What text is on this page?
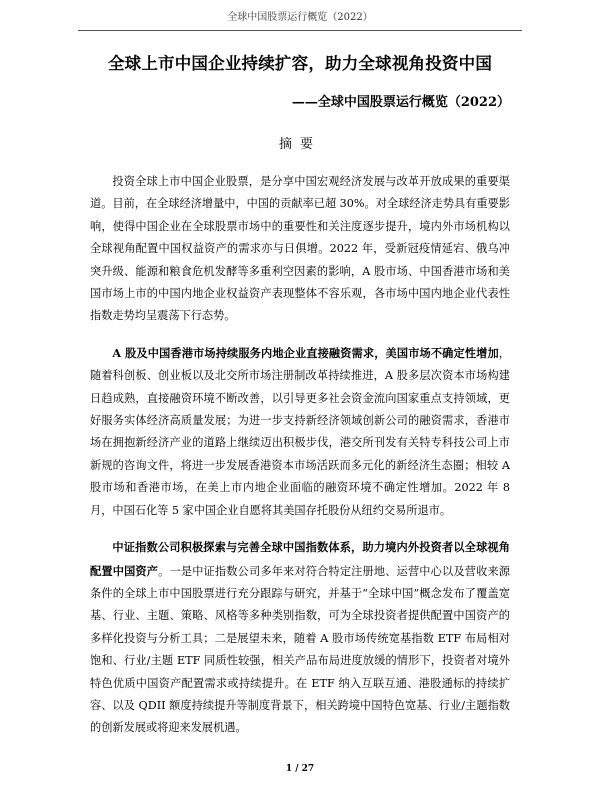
全球中国股票运行概览（2022）
全球上市中国企业持续扩容，助力全球视角投资中国
——全球中国股票运行概览（2022）
摘要

投资全球上市中国企业股票，是分享中国宏观经济发展与改革开放成果的重要渠道。目前，在全球经济增量中，中国的贡献率已超 30%。对全球经济走势具有重要影响，使得中国企业在全球股票市场中的重要性和关注度逐步提升，境内外市场机构以全球视角配置中国权益资产的需求亦与日俱增。2022 年，受新冠疫情延宕、俄乌冲突升级、能源和粮食危机发酵等多重利空因素的影响，A 股市场、中国香港市场和美国市场上市的中国内地企业权益资产表现整体不容乐观，各市场中国内地企业代表性指数走势均呈震荡下行态势。

A 股及中国香港市场持续服务内地企业直接融资需求，美国市场不确定性增加，随着科创板、创业板以及北交所市场注册制改革持续推进，A 股多层次资本市场构建日趋成熟，直接融资环境不断改善，以引导更多社会资金流向国家重点支持领域，更好服务实体经济高质量发展；为进一步支持新经济领域创新公司的融资需求，香港市场在拥抱新经济产业的道路上继续迈出积极步伐，港交所刊发有关特专科技公司上市新规的咨询文件，将进一步发展香港资本市场活跃而多元化的新经济生态圈；相较 A 股市场和香港市场，在美上市内地企业面临的融资环境不确定性增加。2022 年 8 月，中国石化等 5 家中国企业自愿将其美国存托股份从纽约交易所退市。

中证指数公司积极探索与完善全球中国指数体系，助力境内外投资者以全球视角配置中国资产。一是中证指数公司多年来对符合特定注册地、运营中心以及营收来源条件的全球上市中国股票进行充分跟踪与研究，并基于“全球中国”概念发布了覆盖宽基、行业、主题、策略、风格等多种类别指数，可为全球投资者提供配置中国资产的多样化投资与分析工具；二是展望未来，随着 A 股市场传统宽基指数 ETF 布局相对饱和、行业/主题 ETF 同质性较强，相关产品布局进度放缓的情形下，投资者对境外特色优质中国资产配置需求或持续提升。在 ETF 纳入互联互通、港股通标的持续扩容、以及 QDII 额度持续提升等制度背景下，相关跨境中国特色宽基、行业/主题指数的创新发展或将迎来发展机遇。

1 / 27
